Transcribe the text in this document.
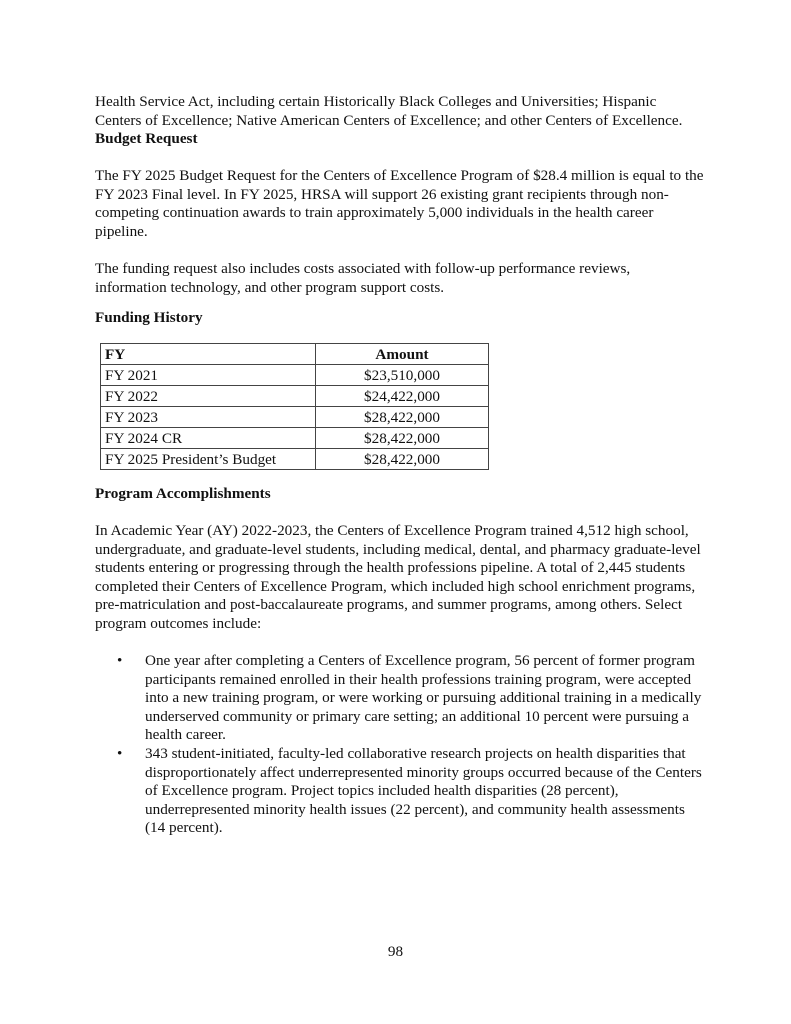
Health Service Act, including certain Historically Black Colleges and Universities; Hispanic Centers of Excellence; Native American Centers of Excellence; and other Centers of Excellence.

Budget Request

The FY 2025 Budget Request for the Centers of Excellence Program of $28.4 million is equal to the FY 2023 Final level. In FY 2025, HRSA will support 26 existing grant recipients through non-competing continuation awards to train approximately 5,000 individuals in the health career pipeline.

The funding request also includes costs associated with follow-up performance reviews, information technology, and other program support costs.

Funding History

FY	Amount
FY 2021	$23,510,000
FY 2022	$24,422,000
FY 2023	$28,422,000
FY 2024 CR	$28,422,000
FY 2025 President’s Budget	$28,422,000

Program Accomplishments

In Academic Year (AY) 2022-2023, the Centers of Excellence Program trained 4,512 high school, undergraduate, and graduate-level students, including medical, dental, and pharmacy graduate-level students entering or progressing through the health professions pipeline. A total of 2,445 students completed their Centers of Excellence Program, which included high school enrichment programs, pre-matriculation and post-baccalaureate programs, and summer programs, among others. Select program outcomes include:

• One year after completing a Centers of Excellence program, 56 percent of former program participants remained enrolled in their health professions training program, were accepted into a new training program, or were working or pursuing additional training in a medically underserved community or primary care setting; an additional 10 percent were pursuing a health career.
• 343 student-initiated, faculty-led collaborative research projects on health disparities that disproportionately affect underrepresented minority groups occurred because of the Centers of Excellence program. Project topics included health disparities (28 percent), underrepresented minority health issues (22 percent), and community health assessments (14 percent).
98
